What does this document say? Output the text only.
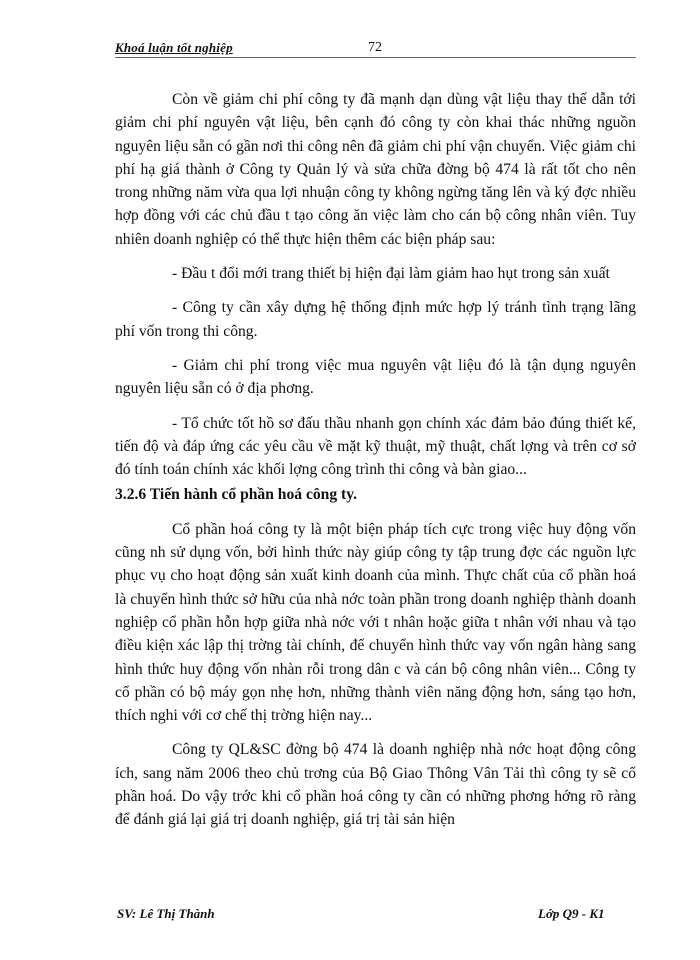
Khoá luận tốt nghiệp	72

Còn về giảm chi phí công ty đã mạnh dạn dùng vật liệu thay thế dẫn tới giảm chi phí nguyên vật liệu, bên cạnh đó công ty còn khai thác những nguồn nguyên liệu sẵn có gần nơi thi công nên đã giảm chi phí vận chuyển. Việc giảm chi phí hạ giá thành ở Công ty Quản lý và sửa chữa đờng bộ 474 là rất tốt cho nên trong những năm vừa qua lợi nhuận công ty không ngừng tăng lên và ký đợc nhiều hợp đồng với các chủ đầu t tạo công ăn việc làm cho cán bộ công nhân viên. Tuy nhiên doanh nghiệp có thể thực hiện thêm các biện pháp sau:

- Đầu t đổi mới trang thiết bị hiện đại làm giảm hao hụt trong sản xuất

- Công ty cần xây dựng hệ thống định mức hợp lý tránh tình trạng lãng phí vốn trong thi công.

- Giảm chi phí trong việc mua nguyên vật liệu đó là tận dụng nguyên nguyên liệu sẵn có ở địa phơng.

- Tổ chức tốt hồ sơ đấu thầu nhanh gọn chính xác đảm bảo đúng thiết kế, tiến độ và đáp ứng các yêu cầu về mặt kỹ thuật, mỹ thuật, chất lợng và trên cơ sở đó tính toán chính xác khối lợng công trình thi công và bàn giao...

3.2.6 Tiến hành cổ phần hoá công ty.

Cổ phần hoá công ty là một biện pháp tích cực trong việc huy động vốn cũng nh sử dụng vốn, bởi hình thức này giúp công ty tập trung đợc các nguồn lực phục vụ cho hoạt động sản xuất kinh doanh của mình. Thực chất của cổ phần hoá là chuyển hình thức sở hữu của nhà nớc toàn phần trong doanh nghiệp thành doanh nghiệp cổ phần hỗn hợp giữa nhà nớc với t nhân hoặc giữa t nhân với nhau và tạo điều kiện xác lập thị trờng tài chính, để chuyển hình thức vay vốn ngân hàng sang hình thức huy động vốn nhàn rỗi trong dân c và cán bộ công nhân viên... Công ty cổ phần có bộ máy gọn nhẹ hơn, những thành viên năng động hơn, sáng tạo hơn, thích nghi với cơ chế thị trờng hiện nay...

Công ty QL&SC đờng bộ 474 là doanh nghiệp nhà nớc hoạt động công ích, sang năm 2006 theo chủ trơng của Bộ Giao Thông Vân Tải thì công ty sẽ cổ phần hoá. Do vậy trớc khi cổ phần hoá công ty cần có những phơng hớng rõ ràng để đánh giá lại giá trị doanh nghiệp, giá trị tài sản hiện

SV: Lê Thị Thành	Lớp Q9 - K1
